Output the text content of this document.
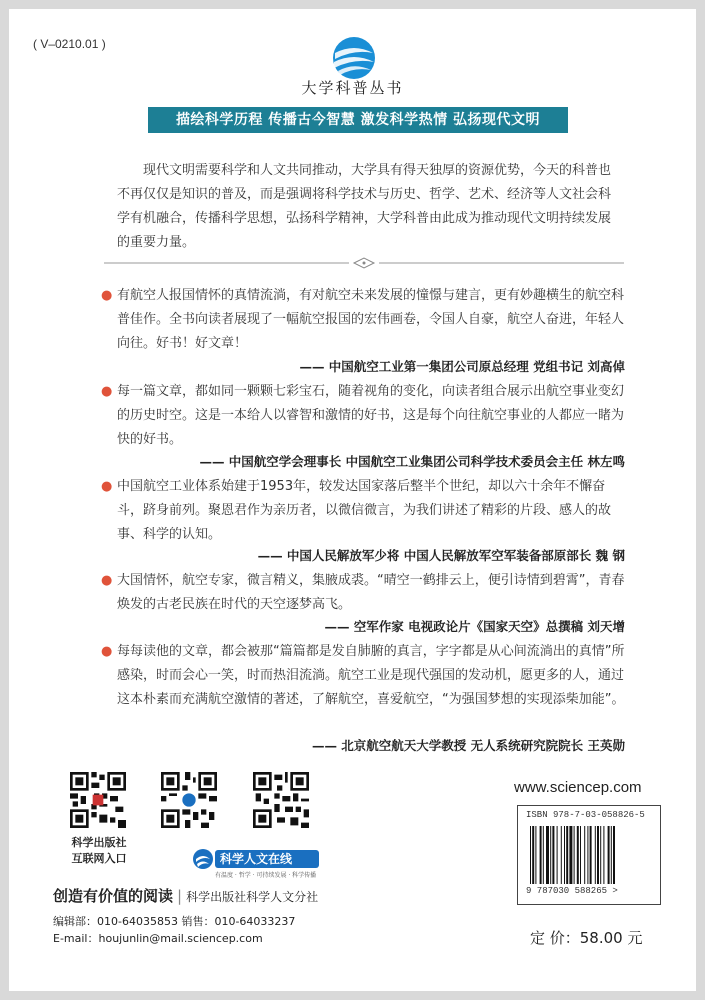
( V–0210.01 )
大学科普丛书
描绘科学历程 传播古今智慧 激发科学热情 弘扬现代文明
现代文明需要科学和人文共同推动，大学具有得天独厚的资源优势，今天的科普也不再仅仅是知识的普及，而是强调将科学技术与历史、哲学、艺术、经济等人文社会科学有机融合，传播科学思想，弘扬科学精神，大学科普由此成为推动现代文明持续发展的重要力量。
● 有航空人报国情怀的真情流淌，有对航空未来发展的憧憬与建言，更有妙趣横生的航空科普佳作。全书向读者展现了一幅航空报国的宏伟画卷，令国人自豪，航空人奋进，年轻人向往。好书！好文章！
—— 中国航空工业第一集团公司原总经理 党组书记 刘高倬
● 每一篇文章，都如同一颗颗七彩宝石，随着视角的变化，向读者组合展示出航空事业变幻的历史时空。这是一本给人以睿智和激情的好书，这是每个向往航空事业的人都应一睹为快的好书。
—— 中国航空学会理事长 中国航空工业集团公司科学技术委员会主任 林左鸣
● 中国航空工业体系始建于1953年，较发达国家落后整半个世纪，却以六十余年不懈奋斗，跻身前列。聚恩君作为亲历者，以微信微言，为我们讲述了精彩的片段、感人的故事、科学的认知。
—— 中国人民解放军少将 中国人民解放军空军装备部原部长 魏 钢
● 大国情怀，航空专家，微言精义，集腋成裘。“晴空一鹤排云上，便引诗情到碧霄”，青春焕发的古老民族在时代的天空逐梦高飞。
—— 空军作家 电视政论片《国家天空》总撰稿 刘天增
● 每每读他的文章，都会被那“篇篇都是发自肺腑的真言，字字都是从心间流淌出的真情”所感染，时而会心一笑，时而热泪流淌。航空工业是现代强国的发动机，愿更多的人，通过这本朴素而充满航空激情的著述，了解航空，喜爱航空，“为强国梦想的实现添柴加能”。
—— 北京航空航天大学教授 无人系统研究院院长 王英勋
科学出版社
互联网入口	科学人文在线
有温度 · 哲学 · 可持续发展 · 科学传播
创造有价值的阅读 | 科学出版社科学人文分社
编辑部：010-64035853 销售：010-64033237
E-mail：houjunlin@mail.sciencep.com
www.sciencep.com
ISBN 978-7-03-058826-5
9 787030 588265 >
定 价：58.00 元
